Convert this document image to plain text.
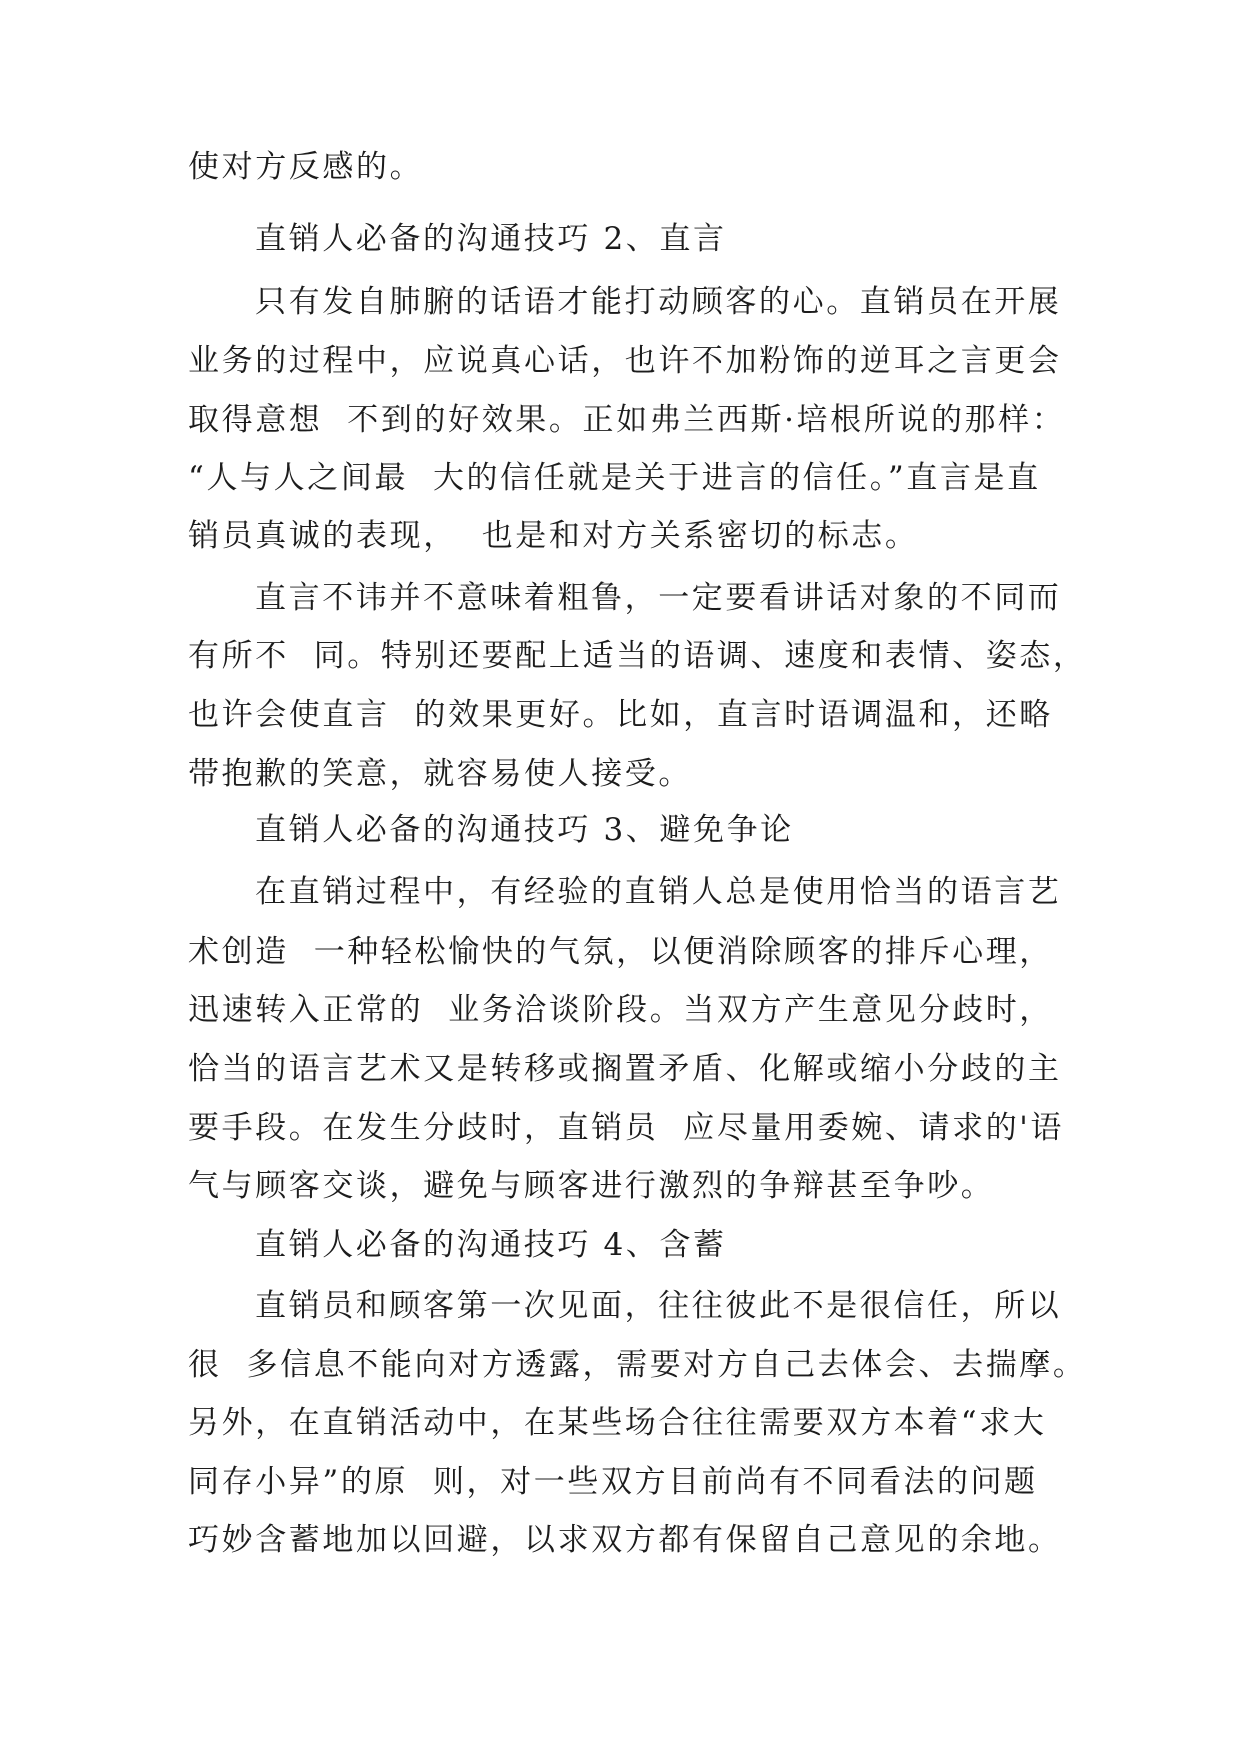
使对方反感的。
直销人必备的沟通技巧 2、直言
只有发自肺腑的话语才能打动顾客的心。直销员在开展
业务的过程中，应说真心话，也许不加粉饰的逆耳之言更会
取得意想  不到的好效果。正如弗兰西斯·培根所说的那样：
“人与人之间最  大的信任就是关于进言的信任。”直言是直
销员真诚的表现，  也是和对方关系密切的标志。
直言不讳并不意味着粗鲁，一定要看讲话对象的不同而
有所不  同。特别还要配上适当的语调、速度和表情、姿态，
也许会使直言  的效果更好。比如，直言时语调温和，还略
带抱歉的笑意，就容易使人接受。
直销人必备的沟通技巧 3、避免争论
在直销过程中，有经验的直销人总是使用恰当的语言艺
术创造  一种轻松愉快的气氛，以便消除顾客的排斥心理，
迅速转入正常的  业务洽谈阶段。当双方产生意见分歧时，
恰当的语言艺术又是转移或搁置矛盾、化解或缩小分歧的主
要手段。在发生分歧时，直销员  应尽量用委婉、请求的'语
气与顾客交谈，避免与顾客进行激烈的争辩甚至争吵。
直销人必备的沟通技巧 4、含蓄
直销员和顾客第一次见面，往往彼此不是很信任，所以
很  多信息不能向对方透露，需要对方自己去体会、去揣摩。
另外，在直销活动中，在某些场合往往需要双方本着“求大
同存小异”的原  则，对一些双方目前尚有不同看法的问题
巧妙含蓄地加以回避，以求双方都有保留自己意见的余地。
